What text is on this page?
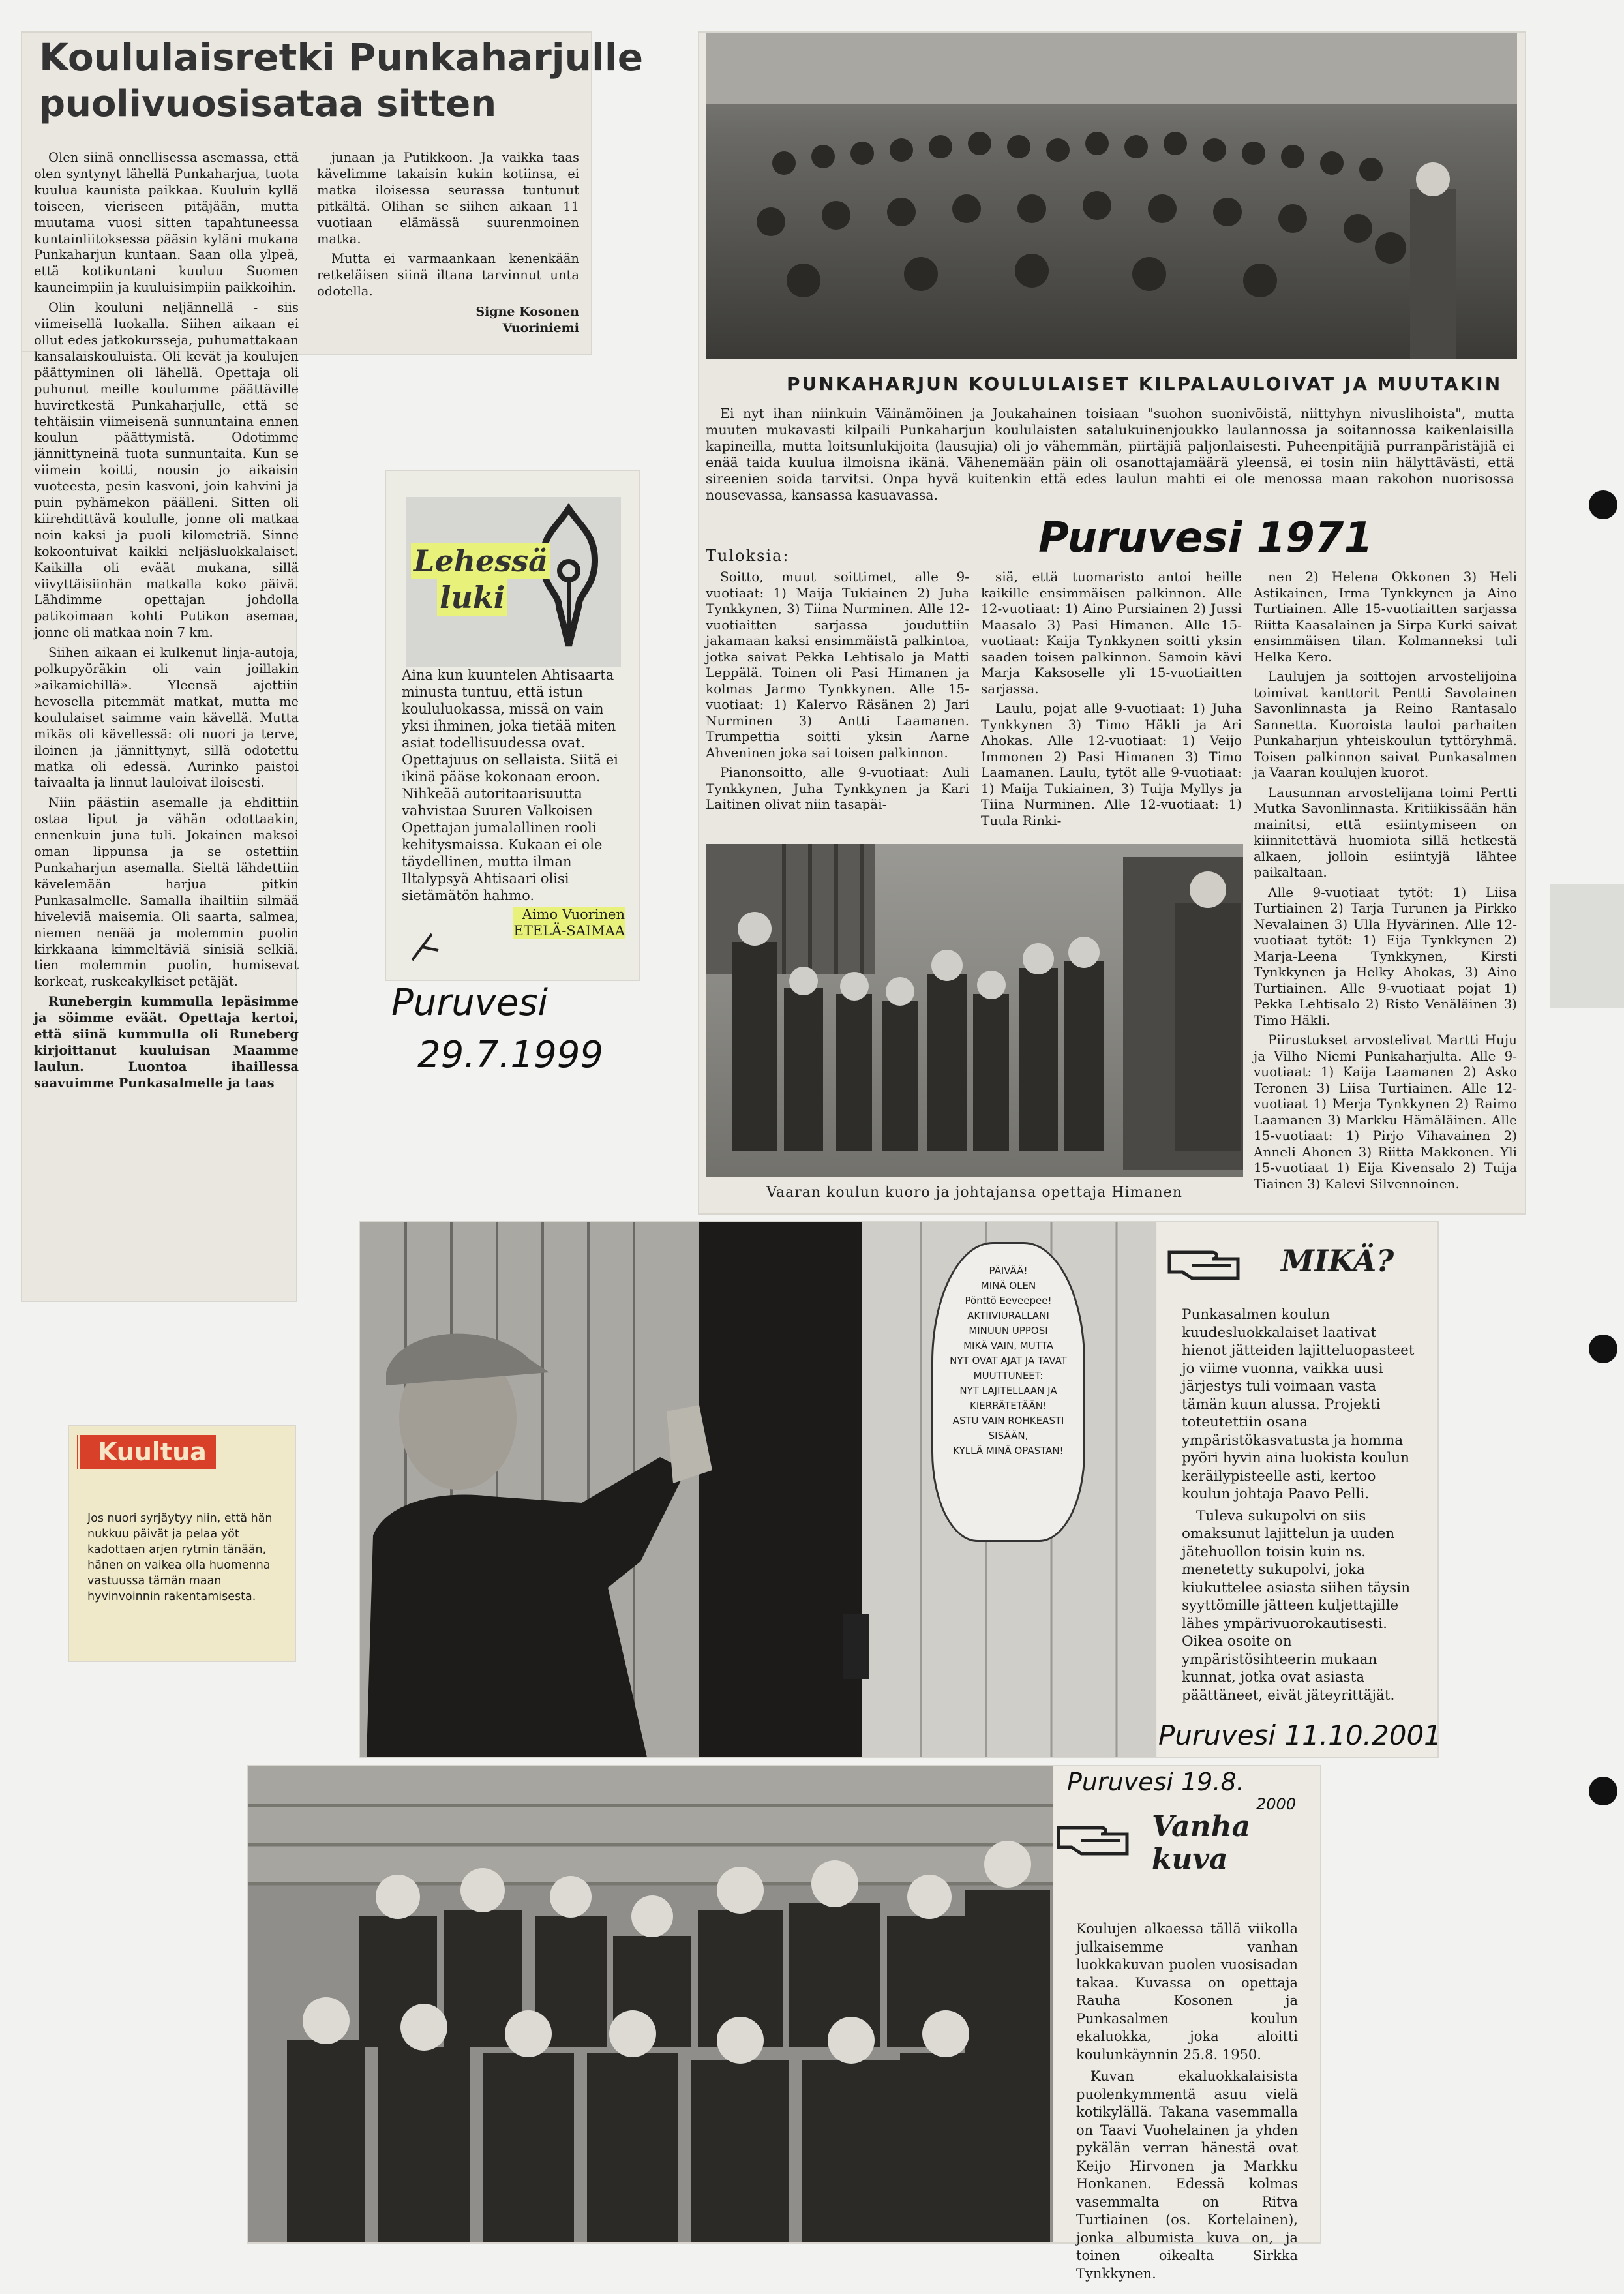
Koululaisretki Punkaharjulle
puolivuosisataa sitten

Olen siinä onnellisessa asemassa, että olen syntynyt lähellä Punkaharjua, tuota kuulua kaunista paikkaa. Kuuluin kyllä toiseen, vieriseen pitäjään, mutta muutama vuosi sitten tapahtuneessa kuntainliitoksessa pääsin kyläni mukana Punkaharjun kuntaan. Saan olla ylpeä, että kotikuntani kuuluu Suomen kauneimpiin ja kuuluisimpiin paikkoihin.

Olin kouluni neljännellä - siis viimeisellä luokalla. Siihen aikaan ei ollut edes jatkokursseja, puhumattakaan kansalaiskouluista. Oli kevät ja koulujen päättyminen oli lähellä. Opettaja oli puhunut meille koulumme päättäville huviretkestä Punkaharjulle, että se tehtäisiin viimeisenä sunnuntaina ennen koulun päättymistä. Odotimme jännittyneinä tuota sunnuntaita. Kun se viimein koitti, nousin jo aikaisin vuoteesta, pesin kasvoni, join kahvini ja puin pyhämekon päälleni. Sitten oli kiirehdittävä koululle, jonne oli matkaa noin kaksi ja puoli kilometriä. Sinne kokoontuivat kaikki neljäsluokkalaiset. Kaikilla oli eväät mukana, sillä viivyttäisiinhän matkalla koko päivä. Lähdimme opettajan johdolla patikoimaan kohti Putikon asemaa, jonne oli matkaa noin 7 km.

Siihen aikaan ei kulkenut linja-autoja, polkupyöräkin oli vain joillakin »aikamiehillä». Yleensä ajettiin hevosella pitemmät matkat, mutta me koululaiset saimme vain kävellä. Mutta mikäs oli kävellessä: oli nuori ja terve, iloinen ja jännittynyt, sillä odotettu matka oli edessä. Aurinko paistoi taivaalta ja linnut lauloivat iloisesti.

Niin päästiin asemalle ja ehdittiin ostaa liput ja vähän odottaakin, ennenkuin juna tuli. Jokainen maksoi oman lippunsa ja se ostettiin Punkaharjun asemalla. Sieltä lähdettiin kävelemään harjua pitkin Punkasalmelle. Samalla ihailtiin silmää hiveleviä maisemia. Oli saarta, salmea, niemen nenää ja molemmin puolin kirkkaana kimmeltäviä sinisiä selkiä. tien molemmin puolin, humisevat korkeat, ruskeakylkiset petäjät.

Runebergin kummulla lepäsimme ja söimme eväät. Opettaja kertoi, että siinä kummulla oli Runeberg kirjoittanut kuuluisan Maamme laulun. Luontoa ihaillessa saavuimme Punkasalmelle ja taas

junaan ja Putikkoon. Ja vaikka taas kävelimme takaisin kukin kotiinsa, ei matka iloisessa seurassa tuntunut pitkältä. Olihan se siihen aikaan 11 vuotiaan elämässä suurenmoinen matka.

Mutta ei varmaankaan kenenkään retkeläisen siinä iltana tarvinnut unta odotella.

Signe Kosonen
Vuoriniemi
Lehessä
luki
Aina kun kuuntelen Ahtisaarta minusta tuntuu, että istun koululuokassa, missä on vain yksi ihminen, joka tietää miten asiat todellisuudessa ovat. Opettajuus on sellaista. Siitä ei ikinä pääse kokonaan eroon. Nihkeää autoritaarisuutta vahvistaa Suuren Valkoisen Opettajan jumalallinen rooli kehitysmaissa. Kukaan ei ole täydellinen, mutta ilman Iltalypsyä Ahtisaari olisi sietämätön hahmo.
Aimo Vuorinen
ETELÄ-SAIMAA
Puruvesi
29.7.1999
Kuultua
Jos nuori syrjäytyy niin, että hän nukkuu päivät ja pelaa yöt kadottaen arjen rytmin tänään, hänen on vaikea olla huomenna vastuussa tämän maan hyvinvoinnin rakentamisesta.
PUNKAHARJUN KOULULAISET KILPALAULOIVAT JA MUUTAKIN
Ei nyt ihan niinkuin Väinämöinen ja Joukahainen toisiaan "suohon suonivöistä, niittyhyn nivuslihoista", mutta muuten mukavasti kilpaili Punkaharjun koululaisten satalukuinenjoukko laulannossa ja soitannossa kaikenlaisilla kapineilla, mutta loitsunlukijoita (lausujia) oli jo vähemmän, piirtäjiä paljonlaisesti. Puheenpitäjiä purranpäristäjiä ei enää taida kuulua ilmoisna ikänä. Vähenemään päin oli osanottajamäärä yleensä, ei tosin niin hälyttävästi, että sireenien soida tarvitsi. Onpa hyvä kuitenkin että edes laulun mahti ei ole menossa maan rakohon nuorisossa nousevassa, kansassa kasuavassa.
Puruvesi 1971
Tuloksia:

Soitto, muut soittimet, alle 9-vuotiaat: 1) Maija Tukiainen 2) Juha Tynkkynen, 3) Tiina Nurminen. Alle 12-vuotiaitten sarjassa jouduttiin jakamaan kaksi ensimmäistä palkintoa, jotka saivat Pekka Lehtisalo ja Matti Leppälä. Toinen oli Pasi Himanen ja kolmas Jarmo Tynkkynen. Alle 15-vuotiaat: 1) Kalervo Räsänen 2) Jari Nurminen 3) Antti Laamanen. Trumpettia soitti yksin Aarne Ahveninen joka sai toisen palkinnon.

Pianonsoitto, alle 9-vuotiaat: Auli Tynkkynen, Juha Tynkkynen ja Kari Laitinen olivat niin tasapäi-

siä, että tuomaristo antoi heille kaikille ensimmäisen palkinnon. Alle 12-vuotiaat: 1) Aino Pursiainen 2) Jussi Maasalo 3) Pasi Himanen. Alle 15-vuotiaat: Kaija Tynkkynen soitti yksin saaden toisen palkinnon. Samoin kävi Marja Kaksoselle yli 15-vuotiaitten sarjassa.

Laulu, pojat alle 9-vuotiaat: 1) Juha Tynkkynen 3) Timo Häkli ja Ari Ahokas. Alle 12-vuotiaat: 1) Veijo Immonen 2) Pasi Himanen 3) Timo Laamanen. Laulu, tytöt alle 9-vuotiaat: 1) Maija Tukiainen, 3) Tuija Myllys ja Tiina Nurminen. Alle 12-vuotiaat: 1) Tuula Rinki-

nen 2) Helena Okkonen 3) Heli Astikainen, Irma Tynkkynen ja Aino Turtiainen. Alle 15-vuotiaitten sarjassa Riitta Kaasalainen ja Sirpa Kurki saivat ensimmäisen tilan. Kolmanneksi tuli Helka Kero.

Laulujen ja soittojen arvostelijoina toimivat kanttorit Pentti Savolainen Savonlinnasta ja Reino Rantasalo Sannetta. Kuoroista lauloi parhaiten Punkaharjun yhteiskoulun tyttöryhmä. Toisen palkinnon saivat Punkasalmen ja Vaaran koulujen kuorot.

Lausunnan arvostelijana toimi Pertti Mutka Savonlinnasta. Kritiikissään hän mainitsi, että esiintymiseen on kiinnitettävä huomiota sillä hetkestä alkaen, jolloin esiintyjä lähtee paikaltaan.

Alle 9-vuotiaat tytöt: 1) Liisa Turtiainen 2) Tarja Turunen ja Pirkko Nevalainen 3) Ulla Hyvärinen. Alle 12-vuotiaat tytöt: 1) Eija Tynkkynen 2) Marja-Leena Tynkkynen, Kirsti Tynkkynen ja Helky Ahokas, 3) Aino Turtiainen. Alle 9-vuotiaat pojat 1) Pekka Lehtisalo 2) Risto Venäläinen 3) Timo Häkli.

Piirustukset arvostelivat Martti Huju ja Vilho Niemi Punkaharjulta. Alle 9-vuotiaat: 1) Kaija Laamanen 2) Asko Teronen 3) Liisa Turtiainen. Alle 12-vuotiaat 1) Merja Tynkkynen 2) Raimo Laamanen 3) Markku Hämäläinen. Alle 15-vuotiaat: 1) Pirjo Vihavainen 2) Anneli Ahonen 3) Riitta Makkonen. Yli 15-vuotiaat 1) Eija Kivensalo 2) Tuija Tiainen 3) Kalevi Silvennoinen.

Vaaran koulun kuoro ja johtajansa opettaja Himanen
PÄIVÄÄ!
MINÄ OLEN
Pönttö Eeveepee!
AKTIIVIURALLANI
MINUUN UPPOSI
MIKÄ VAIN, MUTTA
NYT OVAT AJAT JA TAVAT
MUUTTUNEET:
NYT LAJITELLAAN JA
KIERRÄTETÄÄN!
ASTU VAIN ROHKEASTI
SISÄÄN,
KYLLÄ MINÄ OPASTAN!
MIKÄ?

Punkasalmen koulun kuudesluokkalaiset laativat hienot jätteiden lajitteluopasteet jo viime vuonna, vaikka uusi järjestys tuli voimaan vasta tämän kuun alussa. Projekti toteutettiin osana ympäristökasvatusta ja homma pyöri hyvin aina luokista koulun keräilypisteelle asti, kertoo koulun johtaja Paavo Pelli.

Tuleva sukupolvi on siis omaksunut lajittelun ja uuden jätehuollon toisin kuin ns. menetetty sukupolvi, joka kiukuttelee asiasta siihen täysin syyttömille jätteen kuljettajille lähes ympärivuorokautisesti. Oikea osoite on ympäristösihteerin mukaan kunnat, jotka ovat asiasta päättäneet, eivät jäteyrittäjät.

Puruvesi 11.10.2001
Puruvesi 19.8.
2000
Vanha
kuva

Koulujen alkaessa tällä viikolla julkaisemme vanhan luokkakuvan puolen vuosisadan takaa. Kuvassa on opettaja Rauha Kosonen ja Punkasalmen koulun ekaluokka, joka aloitti koulunkäynnin 25.8. 1950.

Kuvan ekaluokkalaisista puolenkymmentä asuu vielä kotikylällä. Takana vasemmalla on Taavi Vuohelainen ja yhden pykälän verran hänestä ovat Keijo Hirvonen ja Markku Honkanen. Edessä kolmas vasemmalta on Ritva Turtiainen (os. Kortelainen), jonka albumista kuva on, ja toinen oikealta Sirkka Tynkkynen.
